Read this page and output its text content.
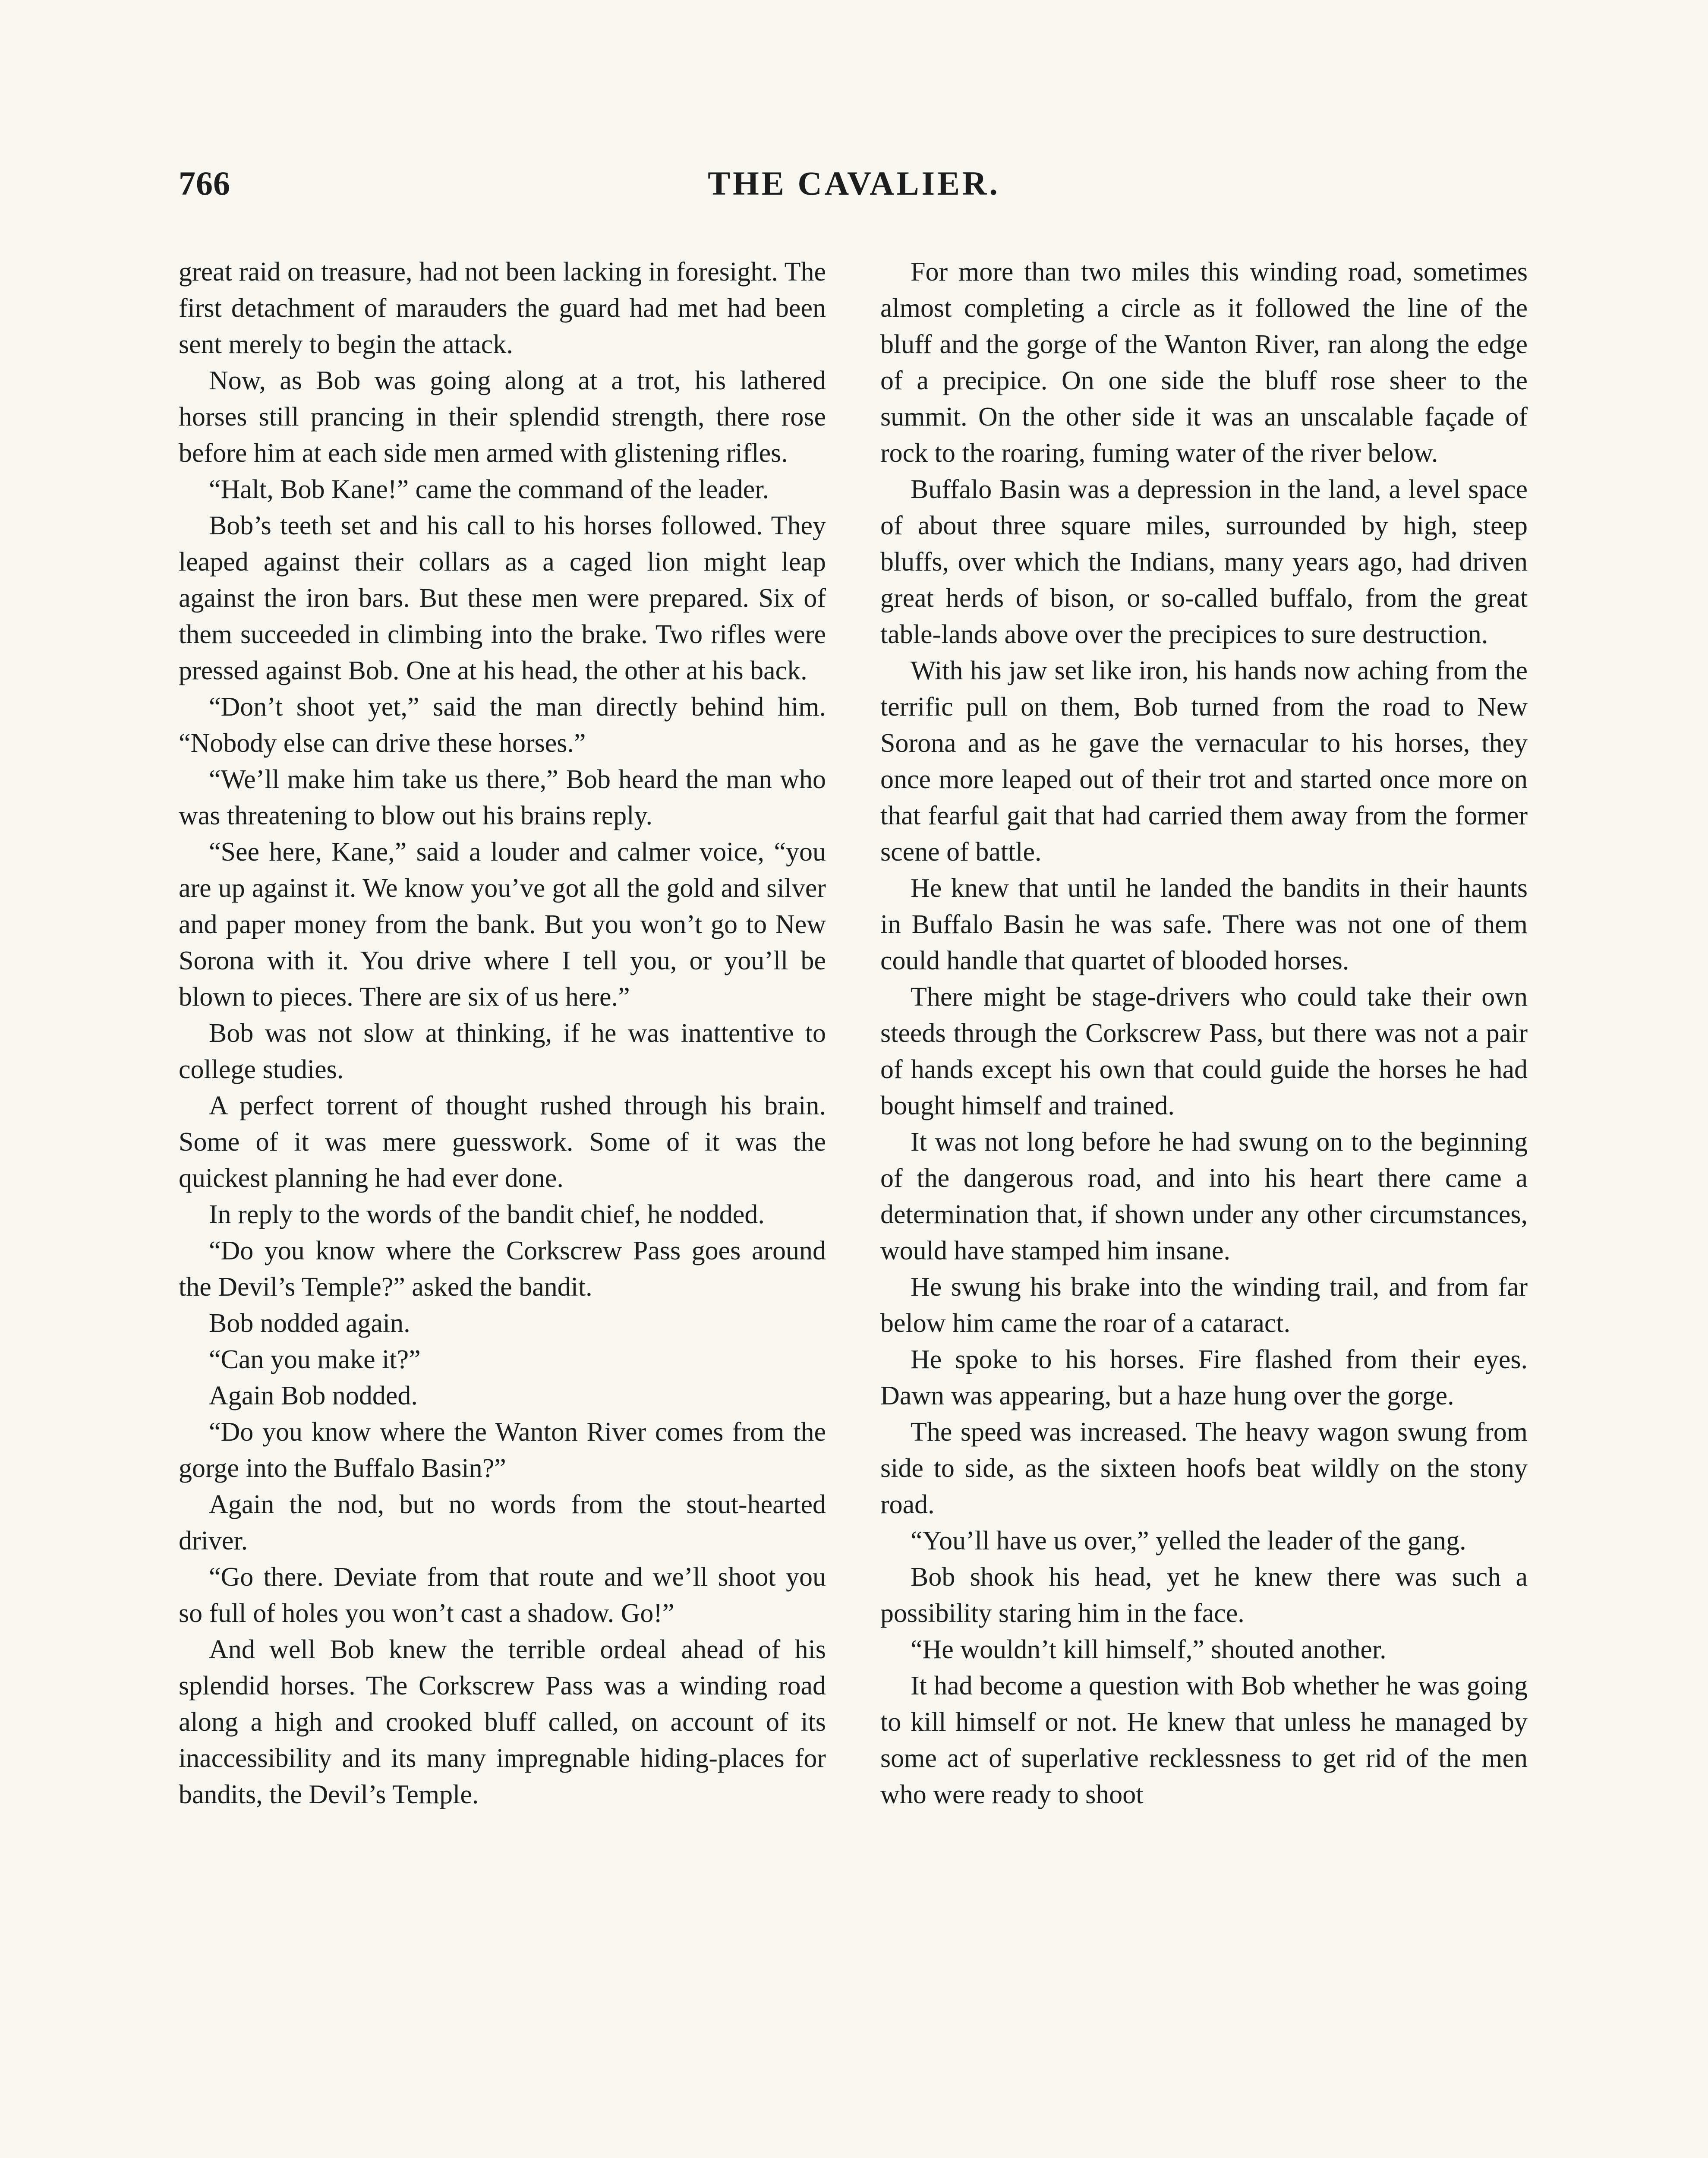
766	THE CAVALIER.

great raid on treasure, had not been lacking in foresight. The first detachment of marauders the guard had met had been sent merely to begin the attack.

Now, as Bob was going along at a trot, his lathered horses still prancing in their splendid strength, there rose before him at each side men armed with glistening rifles.

“Halt, Bob Kane!” came the command of the leader.

Bob’s teeth set and his call to his horses followed. They leaped against their collars as a caged lion might leap against the iron bars. But these men were prepared. Six of them succeeded in climbing into the brake. Two rifles were pressed against Bob. One at his head, the other at his back.

“Don’t shoot yet,” said the man directly behind him. “Nobody else can drive these horses.”

“We’ll make him take us there,” Bob heard the man who was threatening to blow out his brains reply.

“See here, Kane,” said a louder and calmer voice, “you are up against it. We know you’ve got all the gold and silver and paper money from the bank. But you won’t go to New Sorona with it. You drive where I tell you, or you’ll be blown to pieces. There are six of us here.”

Bob was not slow at thinking, if he was inattentive to college studies.

A perfect torrent of thought rushed through his brain. Some of it was mere guesswork. Some of it was the quickest planning he had ever done.

In reply to the words of the bandit chief, he nodded.

“Do you know where the Corkscrew Pass goes around the Devil’s Temple?” asked the bandit.

Bob nodded again.

“Can you make it?”

Again Bob nodded.

“Do you know where the Wanton River comes from the gorge into the Buffalo Basin?”

Again the nod, but no words from the stout-hearted driver.

“Go there. Deviate from that route and we’ll shoot you so full of holes you won’t cast a shadow. Go!”

And well Bob knew the terrible ordeal ahead of his splendid horses. The Corkscrew Pass was a winding road along a high and crooked bluff called, on account of its inaccessibility and its many impregnable hiding-places for bandits, the Devil’s Temple.

For more than two miles this winding road, sometimes almost completing a circle as it followed the line of the bluff and the gorge of the Wanton River, ran along the edge of a precipice. On one side the bluff rose sheer to the summit. On the other side it was an unscalable façade of rock to the roaring, fuming water of the river below.

Buffalo Basin was a depression in the land, a level space of about three square miles, surrounded by high, steep bluffs, over which the Indians, many years ago, had driven great herds of bison, or so-called buffalo, from the great table-lands above over the precipices to sure destruction.

With his jaw set like iron, his hands now aching from the terrific pull on them, Bob turned from the road to New Sorona and as he gave the vernacular to his horses, they once more leaped out of their trot and started once more on that fearful gait that had carried them away from the former scene of battle.

He knew that until he landed the bandits in their haunts in Buffalo Basin he was safe. There was not one of them could handle that quartet of blooded horses.

There might be stage-drivers who could take their own steeds through the Corkscrew Pass, but there was not a pair of hands except his own that could guide the horses he had bought himself and trained.

It was not long before he had swung on to the beginning of the dangerous road, and into his heart there came a determination that, if shown under any other circumstances, would have stamped him insane.

He swung his brake into the winding trail, and from far below him came the roar of a cataract.

He spoke to his horses. Fire flashed from their eyes. Dawn was appearing, but a haze hung over the gorge.

The speed was increased. The heavy wagon swung from side to side, as the sixteen hoofs beat wildly on the stony road.

“You’ll have us over,” yelled the leader of the gang.

Bob shook his head, yet he knew there was such a possibility staring him in the face.

“He wouldn’t kill himself,” shouted another.

It had become a question with Bob whether he was going to kill himself or not. He knew that unless he managed by some act of superlative recklessness to get rid of the men who were ready to shoot
